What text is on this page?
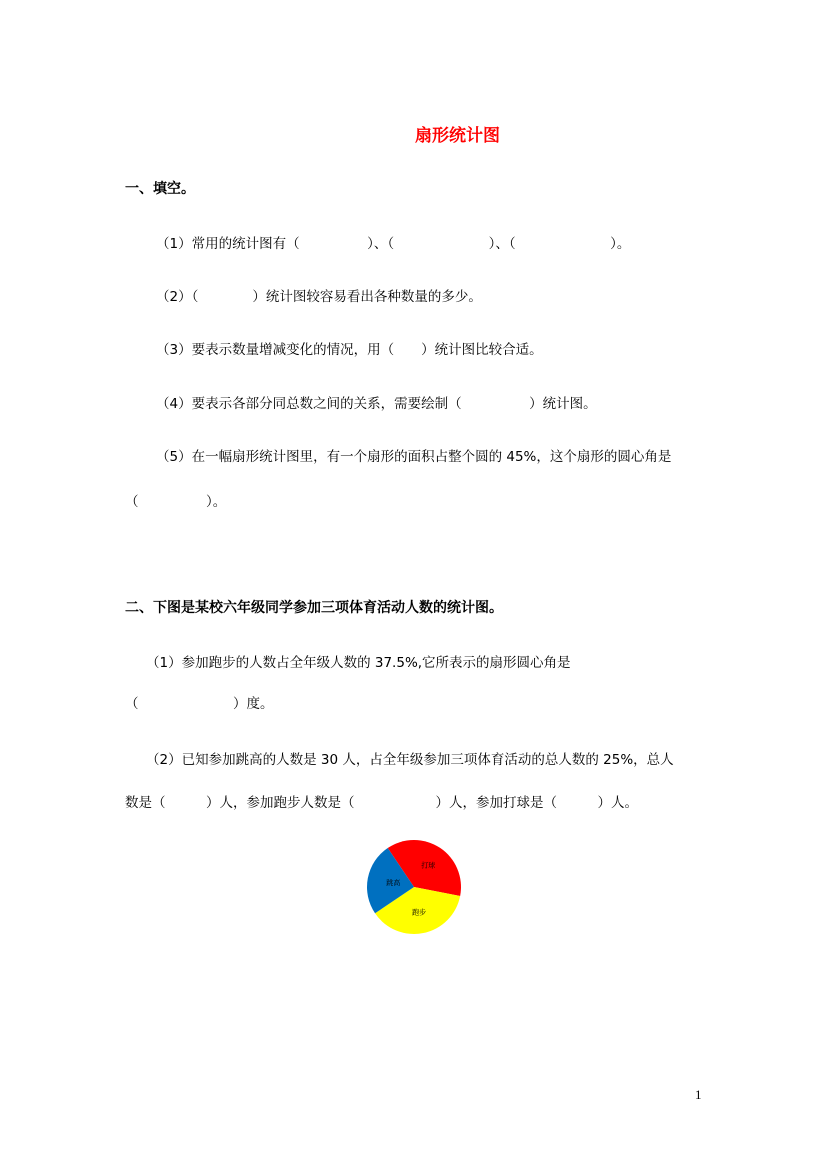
扇形统计图
一、填空。
（1）常用的统计图有（　　　　　）、（　　　　　　　）、（　　　　　　　）。
（2）（　　　　）统计图较容易看出各种数量的多少。
（3）要表示数量增减变化的情况，用（　　）统计图比较合适。
（4）要表示各部分同总数之间的关系，需要绘制（　　　　　）统计图。
（5）在一幅扇形统计图里，有一个扇形的面积占整个圆的 45%，这个扇形的圆心角是
（　　　　　）。
二、下图是某校六年级同学参加三项体育活动人数的统计图。
（1）参加跑步的人数占全年级人数的 37.5%,它所表示的扇形圆心角是
（　　　　　　　）度。
（2）已知参加跳高的人数是 30 人，占全年级参加三项体育活动的总人数的 25%，总人
数是（　　　）人，参加跑步人数是（　　　　　　）人，参加打球是（　　　）人。
打球
跑步
跳高
1
